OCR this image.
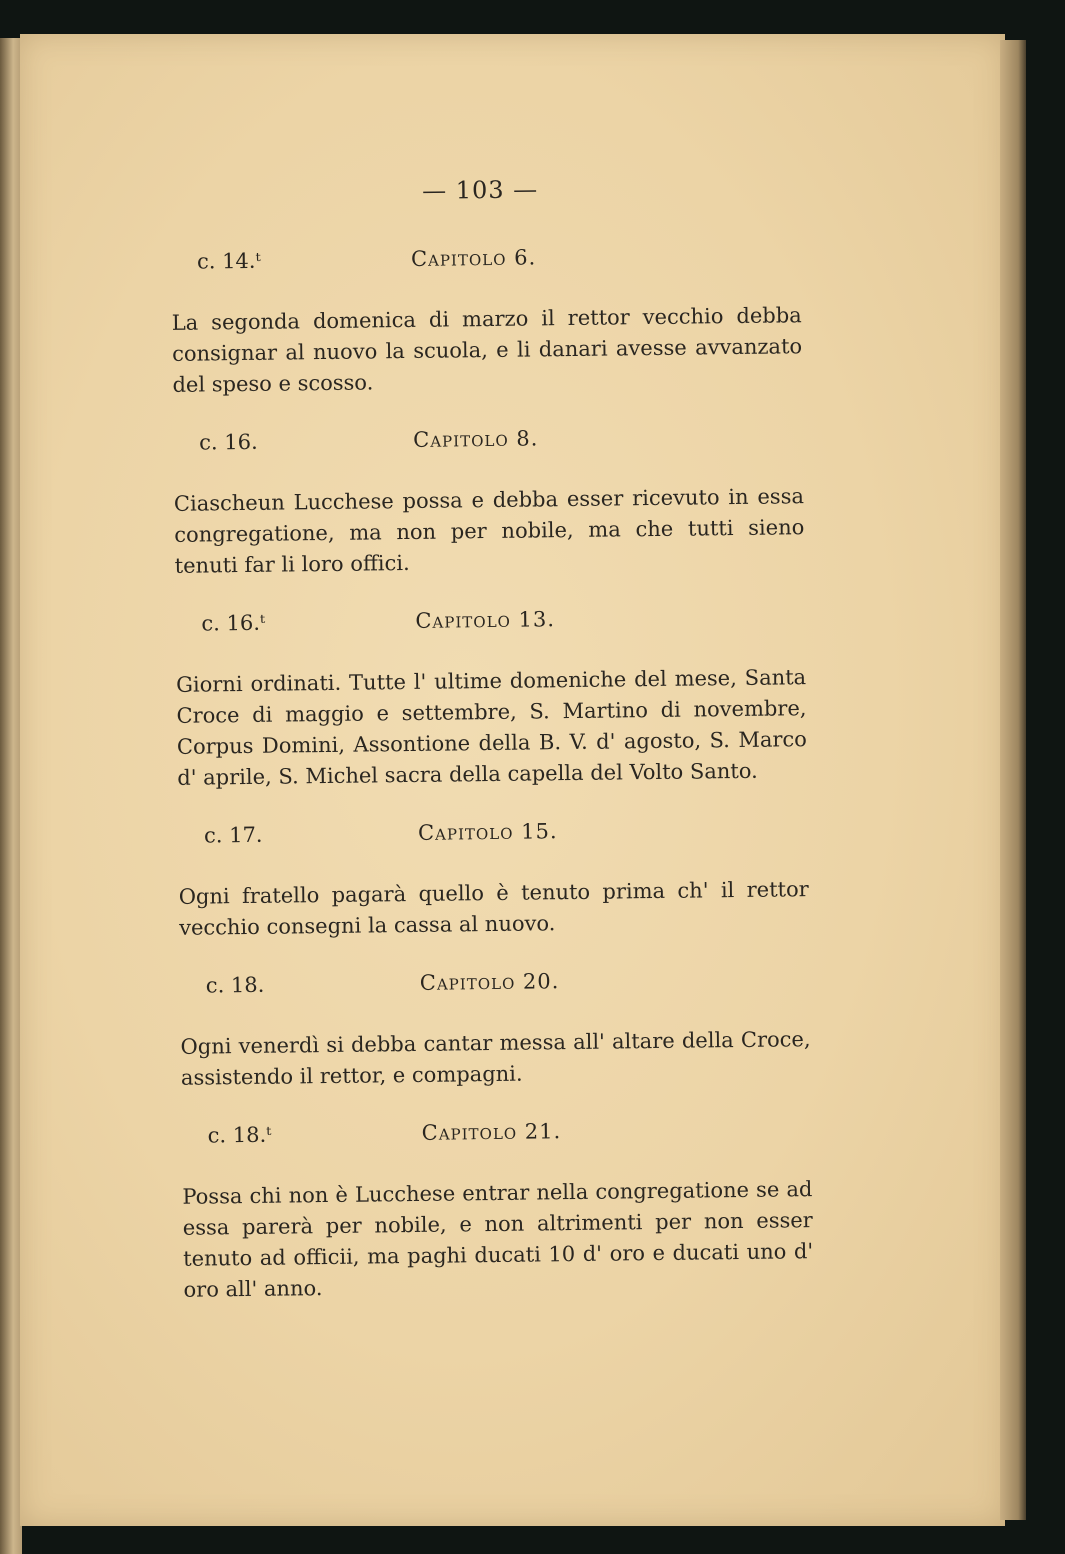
— 103 —
c. 14.ᵗ	Capitolo 6.

La segonda domenica di marzo il rettor vecchio debba consignar al nuovo la scuola, e li danari avesse avvanzato del speso e scosso.

c. 16.	Capitolo 8.

Ciascheun Lucchese possa e debba esser ricevuto in essa congregatione, ma non per nobile, ma che tutti sieno tenuti far li loro offici.

c. 16.ᵗ	Capitolo 13.

Giorni ordinati. Tutte l' ultime domeniche del mese, Santa Croce di maggio e settembre, S. Martino di novembre, Corpus Domini, Assontione della B. V. d' agosto, S. Marco d' aprile, S. Michel sacra della capella del Volto Santo.

c. 17.	Capitolo 15.

Ogni fratello pagarà quello è tenuto prima ch' il rettor vecchio consegni la cassa al nuovo.

c. 18.	Capitolo 20.

Ogni venerdì si debba cantar messa all' altare della Croce, assistendo il rettor, e compagni.

c. 18.ᵗ	Capitolo 21.

Possa chi non è Lucchese entrar nella congregatione se ad essa parerà per nobile, e non altrimenti per non esser tenuto ad officii, ma paghi ducati 10 d' oro e ducati uno d' oro all' anno.
